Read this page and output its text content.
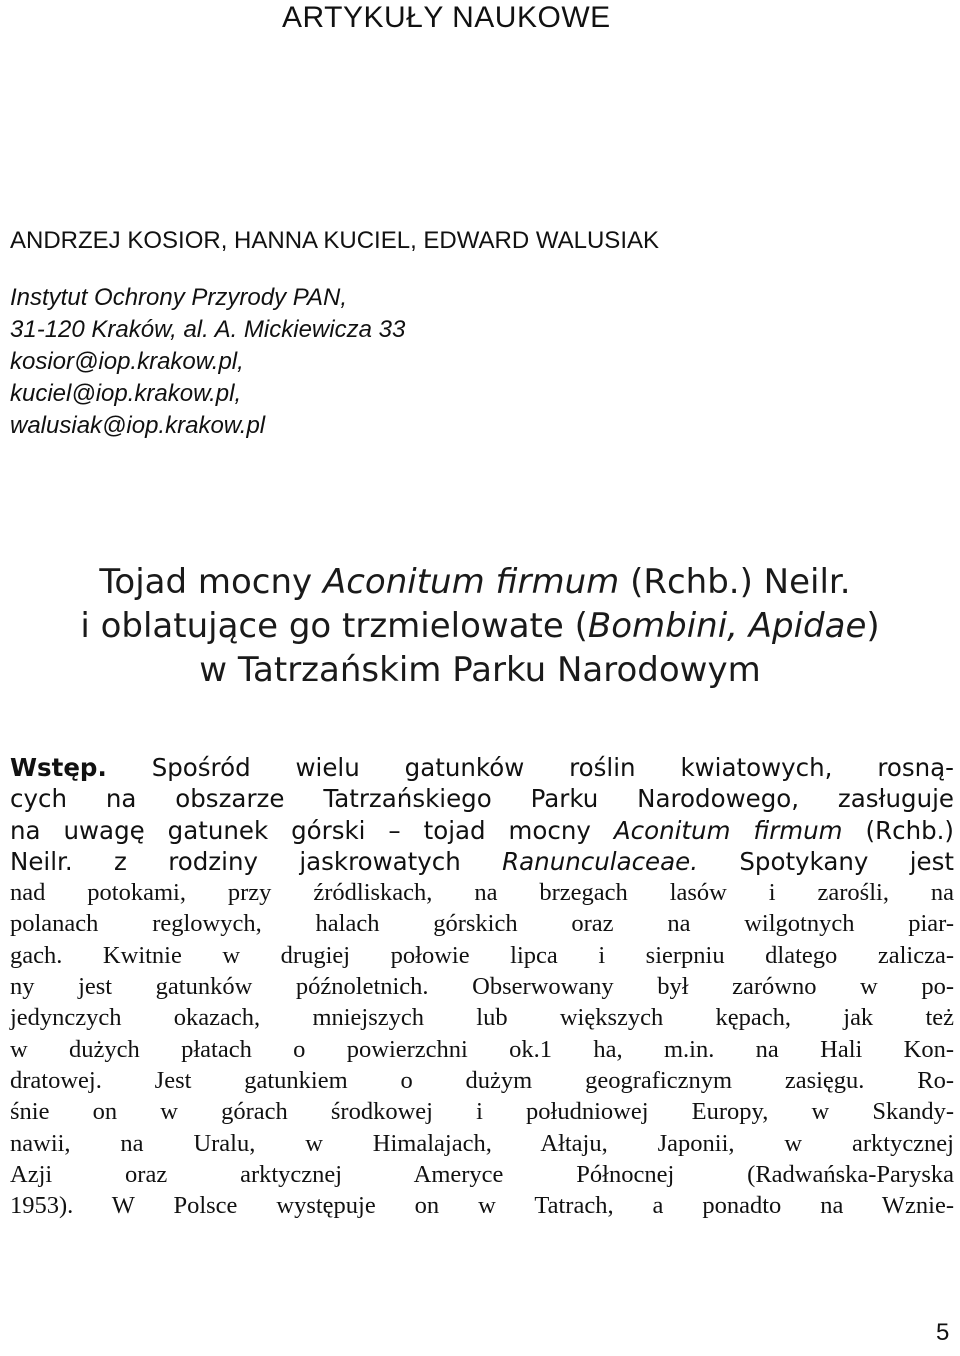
ARTYKUŁY NAUKOWE
ANDRZEJ KOSIOR, HANNA KUCIEL, EDWARD WALUSIAK
Instytut Ochrony Przyrody PAN,
31-120 Kraków, al. A. Mickiewicza 33
kosior@iop.krakow.pl,
kuciel@iop.krakow.pl,
walusiak@iop.krakow.pl
Tojad mocny Aconitum firmum (Rchb.) Neilr.
i oblatujące go trzmielowate (Bombini, Apidae)
w Tatrzańskim Parku Narodowym
Wstęp. Spośród wielu gatunków roślin kwiatowych, rosną-
cych na obszarze Tatrzańskiego Parku Narodowego, zasługuje
na uwagę gatunek górski – tojad mocny Aconitum firmum (Rchb.)
Neilr. z rodziny jaskrowatych Ranunculaceae. Spotykany jest
nad potokami, przy źródliskach, na brzegach lasów i zarośli, na
polanach reglowych, halach górskich oraz na wilgotnych piar-
gach. Kwitnie w drugiej połowie lipca i sierpniu dlatego zalicza-
ny jest gatunków późnoletnich. Obserwowany był zarówno w po-
jedynczych okazach, mniejszych lub większych kępach, jak też
w dużych płatach o powierzchni ok.1 ha, m.in. na Hali Kon-
dratowej. Jest gatunkiem o dużym geograficznym zasięgu. Ro-
śnie on w górach środkowej i południowej Europy, w Skandy-
nawii, na Uralu, w Himalajach, Ałtaju, Japonii, w arktycznej
Azji oraz arktycznej Ameryce Północnej (Radwańska-Paryska
1953). W Polsce występuje on w Tatrach, a ponadto na Wznie-
5
